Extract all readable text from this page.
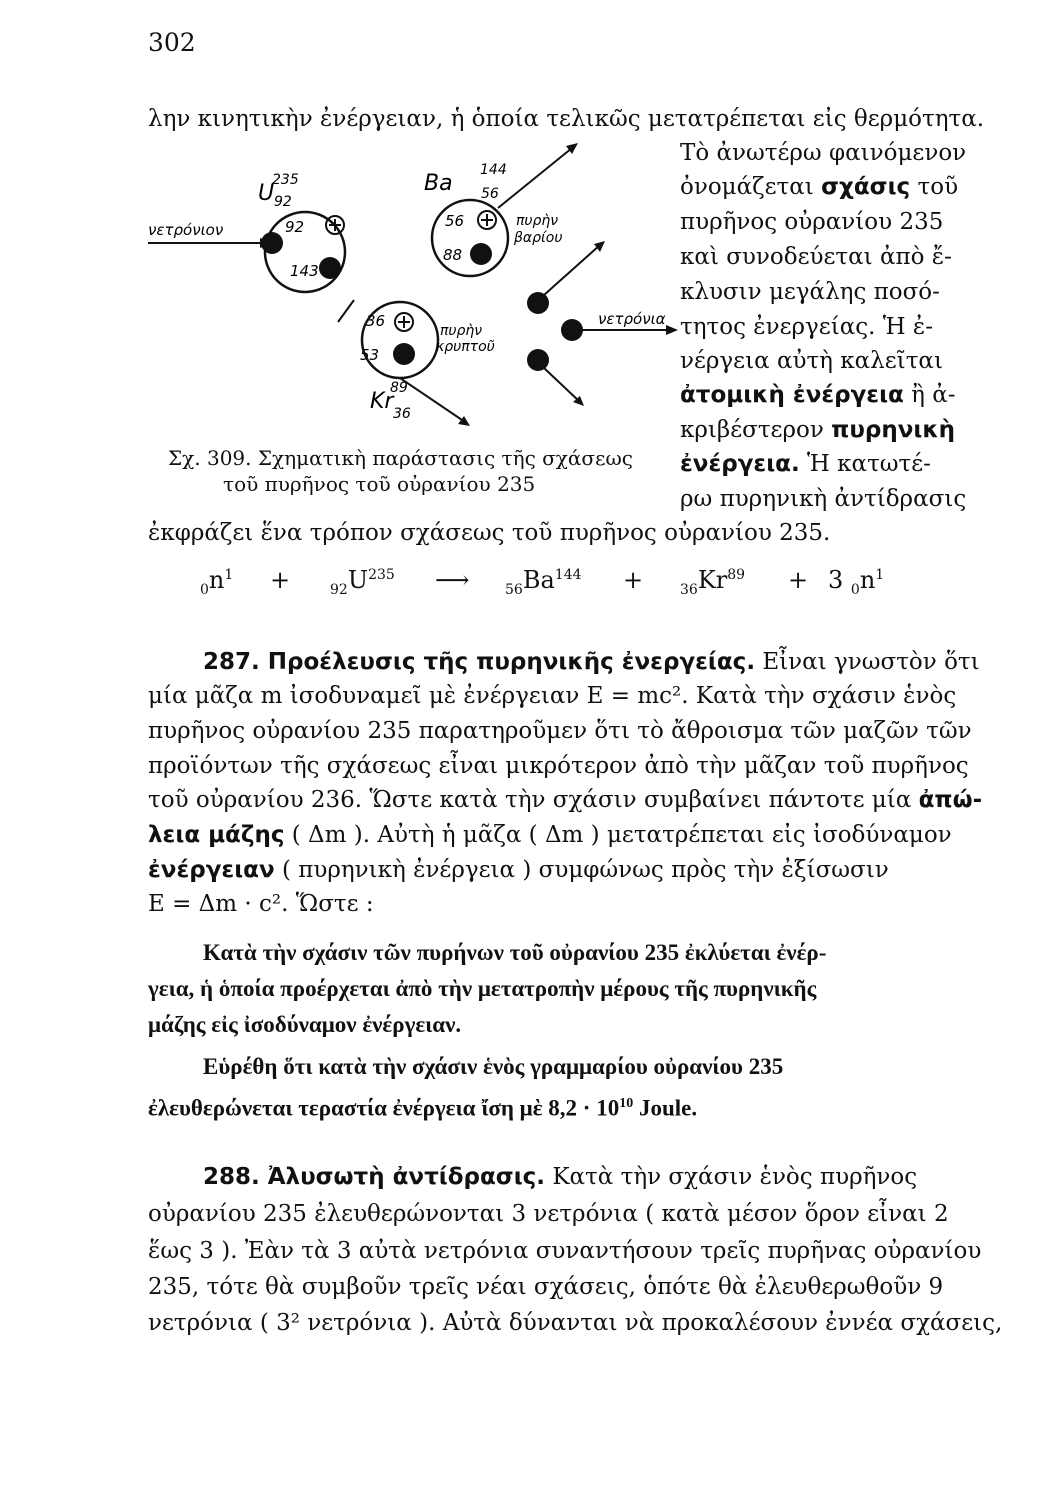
302
λην κινητικὴν ἐνέργειαν, ἡ ὁποία τελικῶς μετατρέπεται εἰς θερμότητα.
Τὸ ἀνωτέρω φαινόμενον
ὀνομάζεται σχάσις τοῦ
πυρῆνος οὐρανίου 235
καὶ συνοδεύεται ἀπὸ ἔ-
κλυσιν μεγάλης ποσό-
τητος ἐνεργείας. Ἡ ἐ-
νέργεια αὐτὴ καλεῖται
ἀτομικὴ ἐνέργεια ἢ ἀ-
κριβέστερον πυρηνικὴ
ἐνέργεια. Ἡ κατωτέ-
ρω πυρηνικὴ ἀντίδρασις
92
143
U
235
92
νετρόνιον	56
88
Ba
144
56
πυρὴν
βαρίου
36
53
Kr
89
36
πυρὴν
κρυπτοῦ
νετρόνια
Σχ. 309. Σχηματικὴ παράστασις τῆς σχάσεως
τοῦ πυρῆνος τοῦ οὐρανίου 235
ἐκφράζει ἕνα τρόπον σχάσεως τοῦ πυρῆνος οὐρανίου 235.
$_0n^1$ +	$_{92}U^{235}$ ⟶	$_{56}Ba^{144}$ +	$_{36}Kr^{89} + 3$ $_0n^1$
287. Προέλευσις τῆς πυρηνικῆς ἐνεργείας. Εἶναι γνωστὸν ὅτι
μία μᾶζα m ἰσοδυναμεῖ μὲ ἐνέργειαν Ε = mc². Κατὰ τὴν σχάσιν ἑνὸς
πυρῆνος οὐρανίου 235 παρατηροῦμεν ὅτι τὸ ἄθροισμα τῶν μαζῶν τῶν
προϊόντων τῆς σχάσεως εἶναι μικρότερον ἀπὸ τὴν μᾶζαν τοῦ πυρῆνος
τοῦ οὐρανίου 236. Ὥστε κατὰ τὴν σχάσιν συμβαίνει πάντοτε μία ἀπώ-
λεια μάζης ( Δm ). Αὐτὴ ἡ μᾶζα ( Δm ) μετατρέπεται εἰς ἰσοδύναμον
ἐνέργειαν ( πυρηνικὴ ἐνέργεια ) συμφώνως πρὸς τὴν ἐξίσωσιν
Ε = Δm · c². Ὥστε :
Κατὰ τὴν σχάσιν τῶν πυρήνων τοῦ οὐρανίου 235 ἐκλύεται ἐνέρ-
γεια, ἡ ὁποία προέρχεται ἀπὸ τὴν μετατροπὴν μέρους τῆς πυρηνικῆς
μάζης εἰς ἰσοδύναμον ἐνέργειαν.
Εὑρέθη ὅτι κατὰ τὴν σχάσιν ἑνὸς γραμμαρίου οὐρανίου 235
ἐλευθερώνεται τεραστία ἐνέργεια ἴση μὲ $8,2 \cdot 10^{10}$ Joule.
288. Ἀλυσωτὴ ἀντίδρασις. Κατὰ τὴν σχάσιν ἑνὸς πυρῆνος
οὐρανίου 235 ἐλευθερώνονται 3 νετρόνια ( κατὰ μέσον ὅρον εἶναι 2
ἕως 3 ). Ἐὰν τὰ 3 αὐτὰ νετρόνια συναντήσουν τρεῖς πυρῆνας οὐρανίου
235, τότε θὰ συμβοῦν τρεῖς νέαι σχάσεις, ὁπότε θὰ ἐλευθερωθοῦν 9
νετρόνια ( 3² νετρόνια ). Αὐτὰ δύνανται νὰ προκαλέσουν ἐννέα σχάσεις,
